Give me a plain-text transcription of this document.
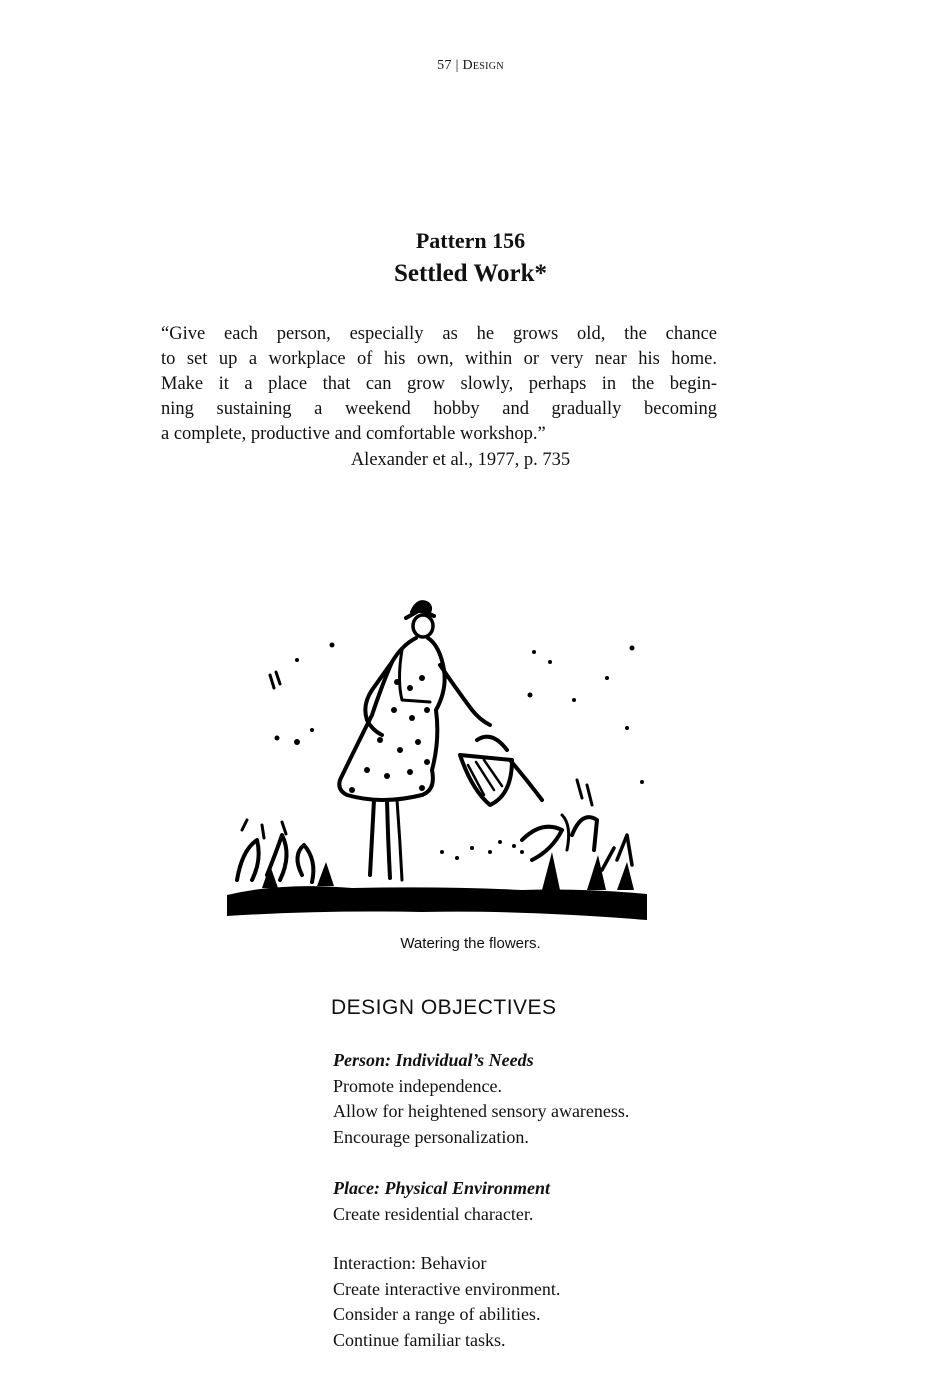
57 | Design
Pattern 156
Settled Work*
“Give each person, especially as he grows old, the chance
to set up a workplace of his own, within or very near his home.
Make it a place that can grow slowly, perhaps in the begin-
ning sustaining a weekend hobby and gradually becoming
a complete, productive and comfortable workshop.”
Alexander et al., 1977, p. 735
Watering the flowers.
DESIGN OBJECTIVES
Person: Individual’s Needs
Promote independence.
Allow for heightened sensory awareness.
Encourage personalization.
Place: Physical Environment
Create residential character.
Interaction: Behavior
Create interactive environment.
Consider a range of abilities.
Continue familiar tasks.
